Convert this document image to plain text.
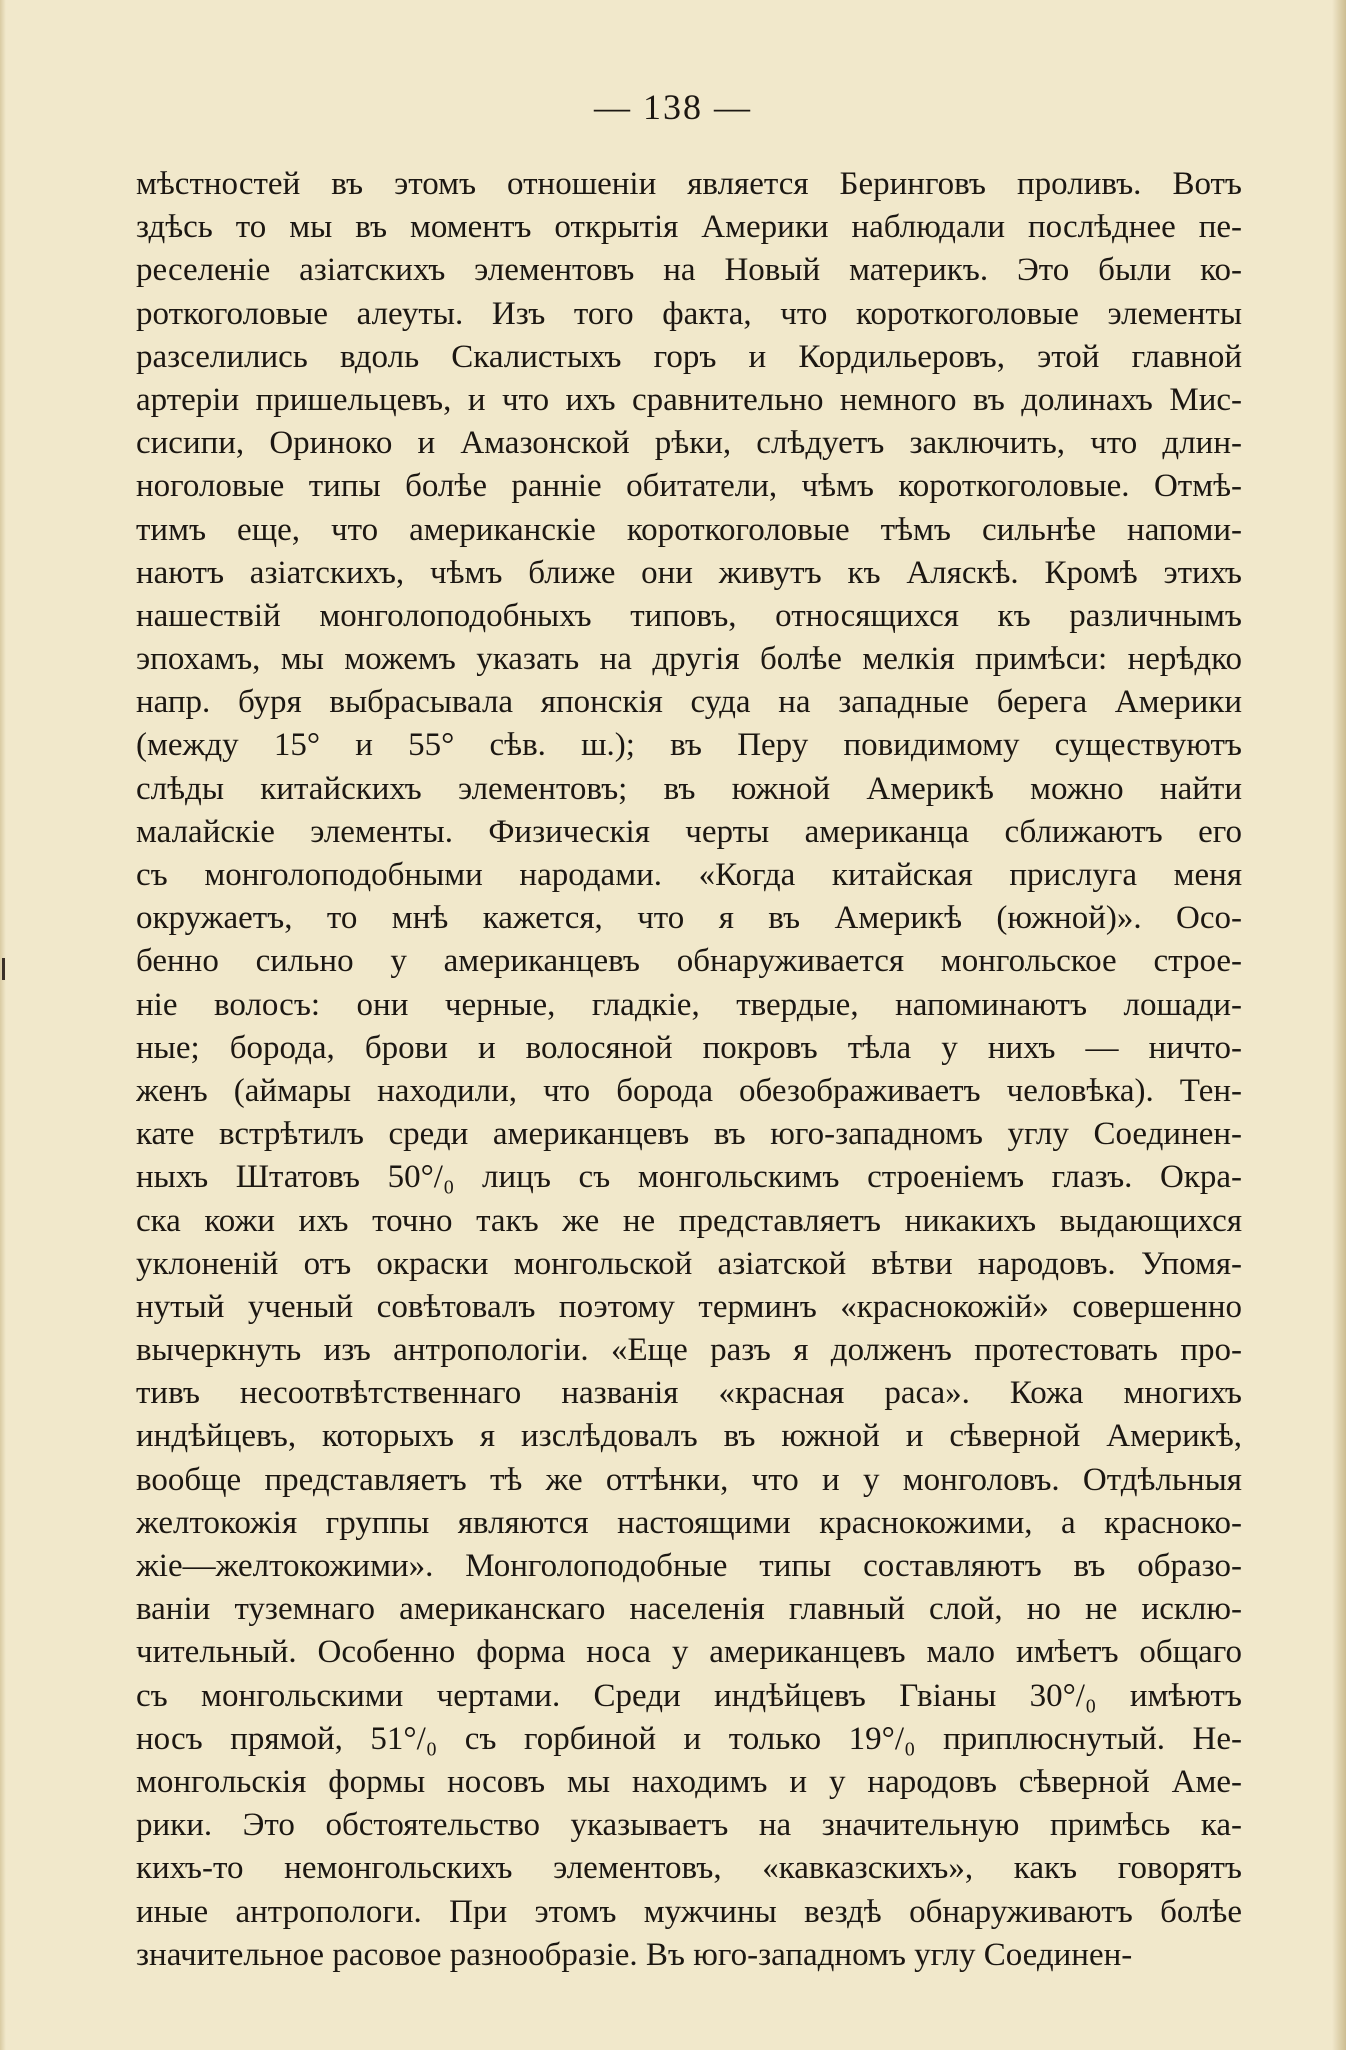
— 138 —
мѣстностей въ этомъ отношеніи является Беринговъ проливъ. Вотъ
здѣсь то мы въ моментъ открытія Америки наблюдали послѣднее пе-
реселеніе азіатскихъ элементовъ на Новый материкъ. Это были ко-
роткоголовые алеуты. Изъ того факта, что короткоголовые элементы
разселились вдоль Скалистыхъ горъ и Кордильеровъ, этой главной
артеріи пришельцевъ, и что ихъ сравнительно немного въ долинахъ Мис-
сисипи, Ориноко и Амазонской рѣки, слѣдуетъ заключить, что длин-
ноголовые типы болѣе ранніе обитатели, чѣмъ короткоголовые. Отмѣ-
тимъ еще, что американскіе короткоголовые тѣмъ сильнѣе напоми-
наютъ азіатскихъ, чѣмъ ближе они живутъ къ Аляскѣ. Кромѣ этихъ
нашествій монголоподобныхъ типовъ, относящихся къ различнымъ
эпохамъ, мы можемъ указать на другія болѣе мелкія примѣси: нерѣдко
напр. буря выбрасывала японскія суда на западные берега Америки
(между 15° и 55° сѣв. ш.); въ Перу повидимому существуютъ
слѣды китайскихъ элементовъ; въ южной Америкѣ можно найти
малайскіе элементы. Физическія черты американца сближаютъ его
съ монголоподобными народами. «Когда китайская прислуга меня
окружаетъ, то мнѣ кажется, что я въ Америкѣ (южной)». Осо-
бенно сильно у американцевъ обнаруживается монгольское строе-
ніе волосъ: они черные, гладкіе, твердые, напоминаютъ лошади-
ные; борода, брови и волосяной покровъ тѣла у нихъ — ничто-
женъ (аймары находили, что борода обезображиваетъ человѣка). Тен-
кате встрѣтилъ среди американцевъ въ юго-западномъ углу Соединен-
ныхъ Штатовъ 50°/₀ лицъ съ монгольскимъ строеніемъ глазъ. Окра-
ска кожи ихъ точно такъ же не представляетъ никакихъ выдающихся
уклоненій отъ окраски монгольской азіатской вѣтви народовъ. Упомя-
нутый ученый совѣтовалъ поэтому терминъ «краснокожій» совершенно
вычеркнуть изъ антропологіи. «Еще разъ я долженъ протестовать про-
тивъ несоотвѣтственнаго названія «красная раса». Кожа многихъ
индѣйцевъ, которыхъ я изслѣдовалъ въ южной и сѣверной Америкѣ,
вообще представляетъ тѣ же оттѣнки, что и у монголовъ. Отдѣльныя
желтокожія группы являются настоящими краснокожими, а красноко-
жіе—желтокожими». Монголоподобные типы составляютъ въ образо-
ваніи туземнаго американскаго населенія главный слой, но не исклю-
чительный. Особенно форма носа у американцевъ мало имѣетъ общаго
съ монгольскими чертами. Среди индѣйцевъ Гвіаны 30°/₀ имѣютъ
носъ прямой, 51°/₀ съ горбиной и только 19°/₀ приплюснутый. Не-
монгольскія формы носовъ мы находимъ и у народовъ сѣверной Аме-
рики. Это обстоятельство указываетъ на значительную примѣсь ка-
кихъ-то немонгольскихъ элементовъ, «кавказскихъ», какъ говорятъ
иные антропологи. При этомъ мужчины вездѣ обнаруживаютъ болѣе
значительное расовое разнообразіе. Въ юго-западномъ углу Соединен-
